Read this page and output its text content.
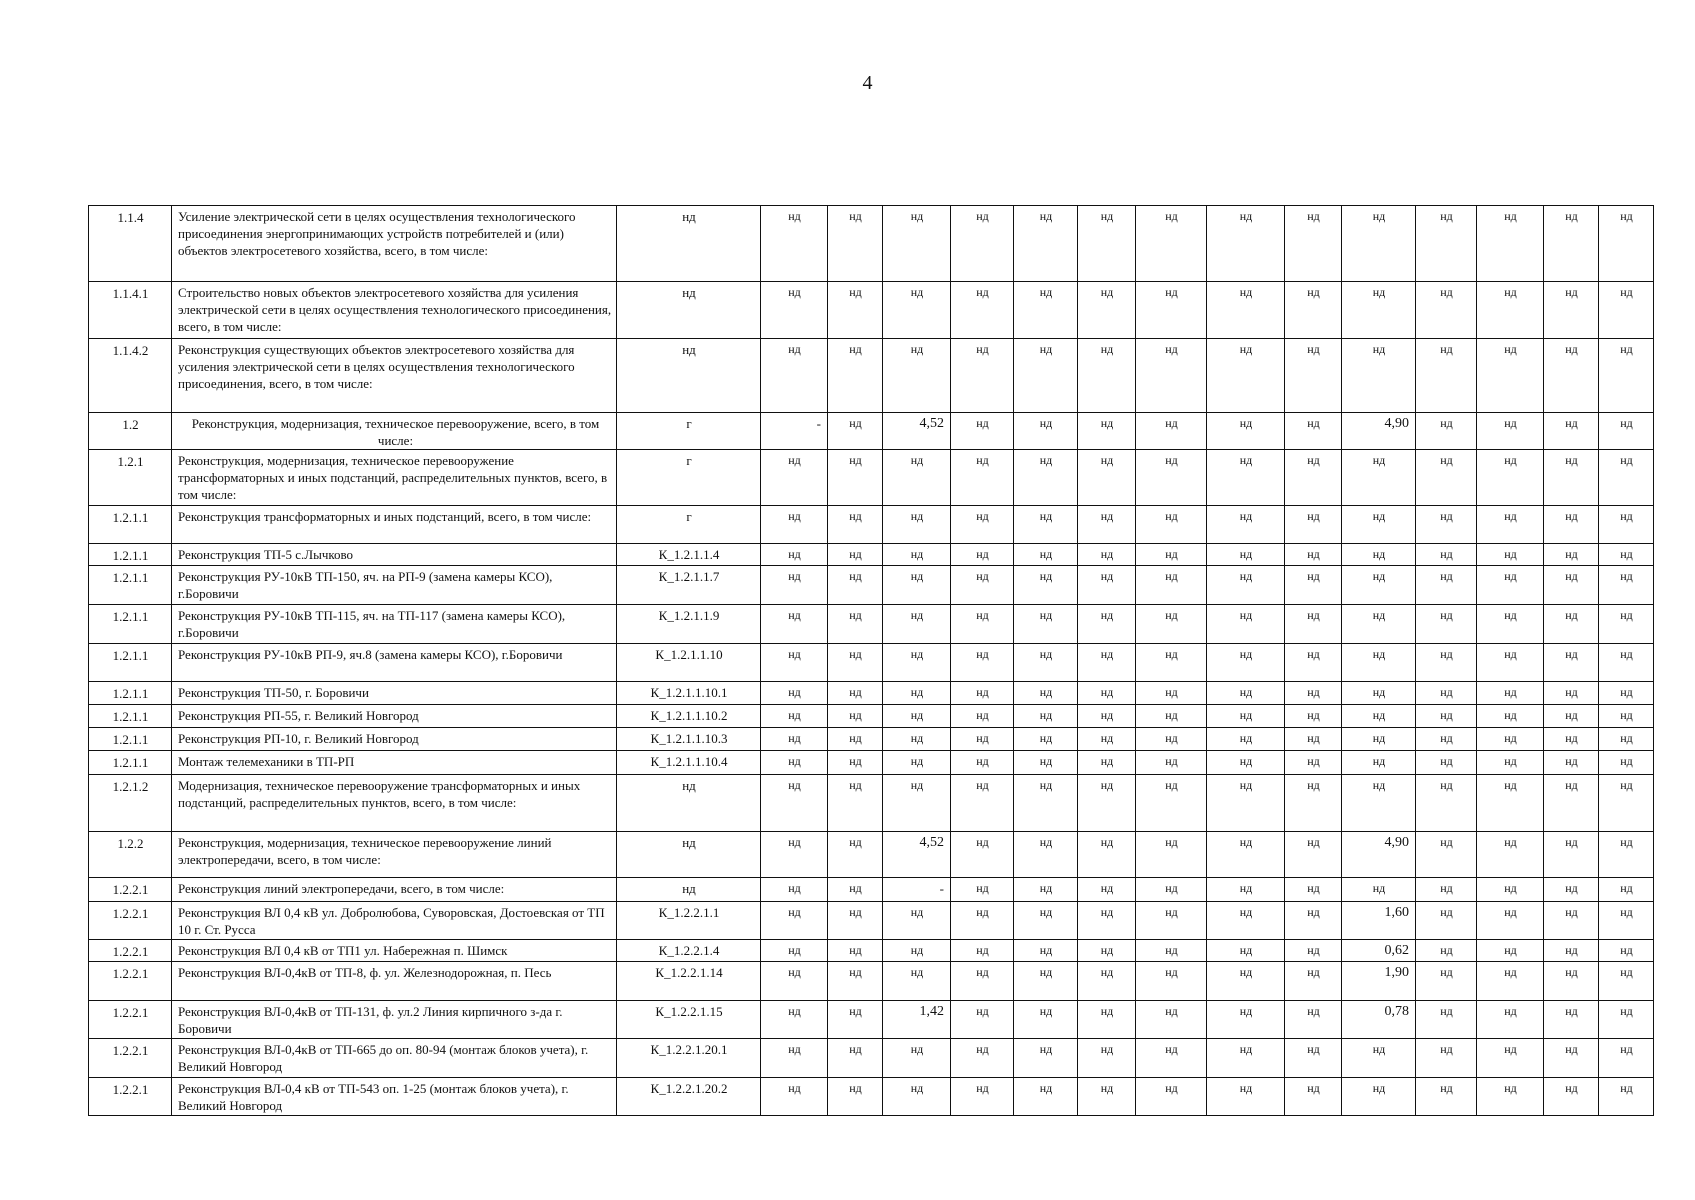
4
1.1.4	Усиление электрической сети в целях осуществления технологического присоединения энергопринимающих устройств потребителей и (или) объектов электросетевого хозяйства, всего, в том числе:	нд	нд	нд	нд	нд	нд	нд	нд	нд	нд	нд	нд	нд	нд	нд
1.1.4.1	Строительство новых объектов электросетевого хозяйства для усиления электрической сети в целях осуществления технологического присоединения, всего, в том числе:	нд	нд	нд	нд	нд	нд	нд	нд	нд	нд	нд	нд	нд	нд	нд
1.1.4.2	Реконструкция существующих объектов электросетевого хозяйства для усиления электрической сети в целях осуществления технологического присоединения, всего, в том числе:	нд	нд	нд	нд	нд	нд	нд	нд	нд	нд	нд	нд	нд	нд	нд
1.2	Реконструкция, модернизация, техническое перевооружение, всего, в том числе:	г	-	нд	4,52	нд	нд	нд	нд	нд	нд	4,90	нд	нд	нд	нд
1.2.1	Реконструкция, модернизация, техническое перевооружение трансформаторных и иных подстанций, распределительных пунктов, всего, в том числе:	г	нд	нд	нд	нд	нд	нд	нд	нд	нд	нд	нд	нд	нд	нд
1.2.1.1	Реконструкция трансформаторных и иных подстанций, всего, в том числе:	г	нд	нд	нд	нд	нд	нд	нд	нд	нд	нд	нд	нд	нд	нд
1.2.1.1	Реконструкция ТП-5 с.Лычково	К_1.2.1.1.4	нд	нд	нд	нд	нд	нд	нд	нд	нд	нд	нд	нд	нд	нд
1.2.1.1	Реконструкция РУ-10кВ ТП-150, яч. на РП-9 (замена камеры КСО), г.Боровичи	К_1.2.1.1.7	нд	нд	нд	нд	нд	нд	нд	нд	нд	нд	нд	нд	нд	нд
1.2.1.1	Реконструкция РУ-10кВ ТП-115, яч. на ТП-117 (замена камеры КСО), г.Боровичи	К_1.2.1.1.9	нд	нд	нд	нд	нд	нд	нд	нд	нд	нд	нд	нд	нд	нд
1.2.1.1	Реконструкция РУ-10кВ РП-9, яч.8 (замена камеры КСО), г.Боровичи	К_1.2.1.1.10	нд	нд	нд	нд	нд	нд	нд	нд	нд	нд	нд	нд	нд	нд
1.2.1.1	Реконструкция ТП-50, г. Боровичи	К_1.2.1.1.10.1	нд	нд	нд	нд	нд	нд	нд	нд	нд	нд	нд	нд	нд	нд
1.2.1.1	Реконструкция РП-55, г. Великий Новгород	К_1.2.1.1.10.2	нд	нд	нд	нд	нд	нд	нд	нд	нд	нд	нд	нд	нд	нд
1.2.1.1	Реконструкция РП-10, г. Великий Новгород	К_1.2.1.1.10.3	нд	нд	нд	нд	нд	нд	нд	нд	нд	нд	нд	нд	нд	нд
1.2.1.1	Монтаж телемеханики в ТП-РП	К_1.2.1.1.10.4	нд	нд	нд	нд	нд	нд	нд	нд	нд	нд	нд	нд	нд	нд
1.2.1.2	Модернизация, техническое перевооружение трансформаторных и иных подстанций, распределительных пунктов, всего, в том числе:	нд	нд	нд	нд	нд	нд	нд	нд	нд	нд	нд	нд	нд	нд	нд
1.2.2	Реконструкция, модернизация, техническое перевооружение линий электропередачи, всего, в том числе:	нд	нд	нд	4,52	нд	нд	нд	нд	нд	нд	4,90	нд	нд	нд	нд
1.2.2.1	Реконструкция линий электропередачи, всего, в том числе:	нд	нд	нд	-	нд	нд	нд	нд	нд	нд	нд	нд	нд	нд	нд
1.2.2.1	Реконструкция ВЛ 0,4 кВ ул. Добролюбова, Суворовская, Достоевская от ТП 10 г. Ст. Русса	К_1.2.2.1.1	нд	нд	нд	нд	нд	нд	нд	нд	нд	1,60	нд	нд	нд	нд
1.2.2.1	Реконструкция ВЛ 0,4 кВ от ТП1 ул. Набережная п. Шимск	К_1.2.2.1.4	нд	нд	нд	нд	нд	нд	нд	нд	нд	0,62	нд	нд	нд	нд
1.2.2.1	Реконструкция ВЛ-0,4кВ от ТП-8, ф. ул. Железнодорожная, п. Песь	К_1.2.2.1.14	нд	нд	нд	нд	нд	нд	нд	нд	нд	1,90	нд	нд	нд	нд
1.2.2.1	Реконструкция ВЛ-0,4кВ от ТП-131, ф. ул.2 Линия кирпичного з-да г. Боровичи	К_1.2.2.1.15	нд	нд	1,42	нд	нд	нд	нд	нд	нд	0,78	нд	нд	нд	нд
1.2.2.1	Реконструкция ВЛ-0,4кВ от ТП-665 до оп. 80-94 (монтаж блоков учета), г. Великий Новгород	К_1.2.2.1.20.1	нд	нд	нд	нд	нд	нд	нд	нд	нд	нд	нд	нд	нд	нд
1.2.2.1	Реконструкция ВЛ-0,4 кВ от ТП-543 оп. 1-25 (монтаж блоков учета), г. Великий Новгород	К_1.2.2.1.20.2	нд	нд	нд	нд	нд	нд	нд	нд	нд	нд	нд	нд	нд	нд
